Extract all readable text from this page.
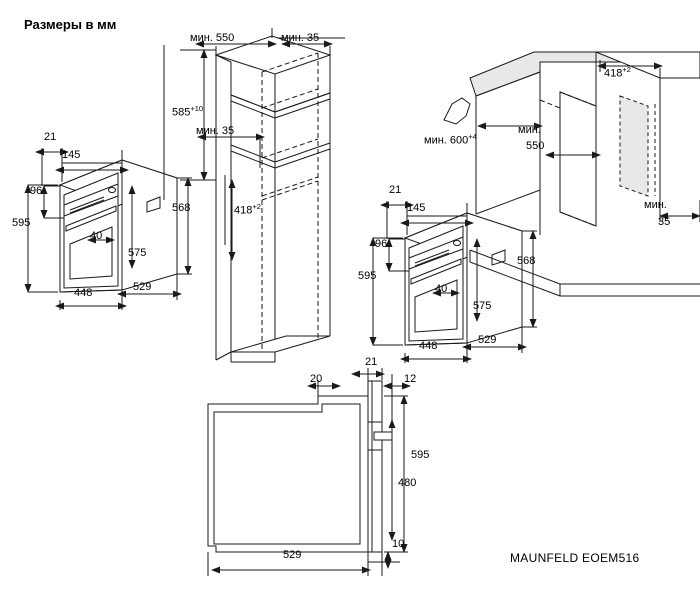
Размеры в мм
MAUNFELD EOEM516
21
145
96
595
40
575
448	529
568
мин. 550	мин. 35
$585^{+10}$
мин. 35
$418^{+2}$
21
145
96
595
40
575
448	529
568
$418^{+2}$
мин. $600^{+4}$
мин.
550
мин.
35
21
20	12
595
480
529
10
